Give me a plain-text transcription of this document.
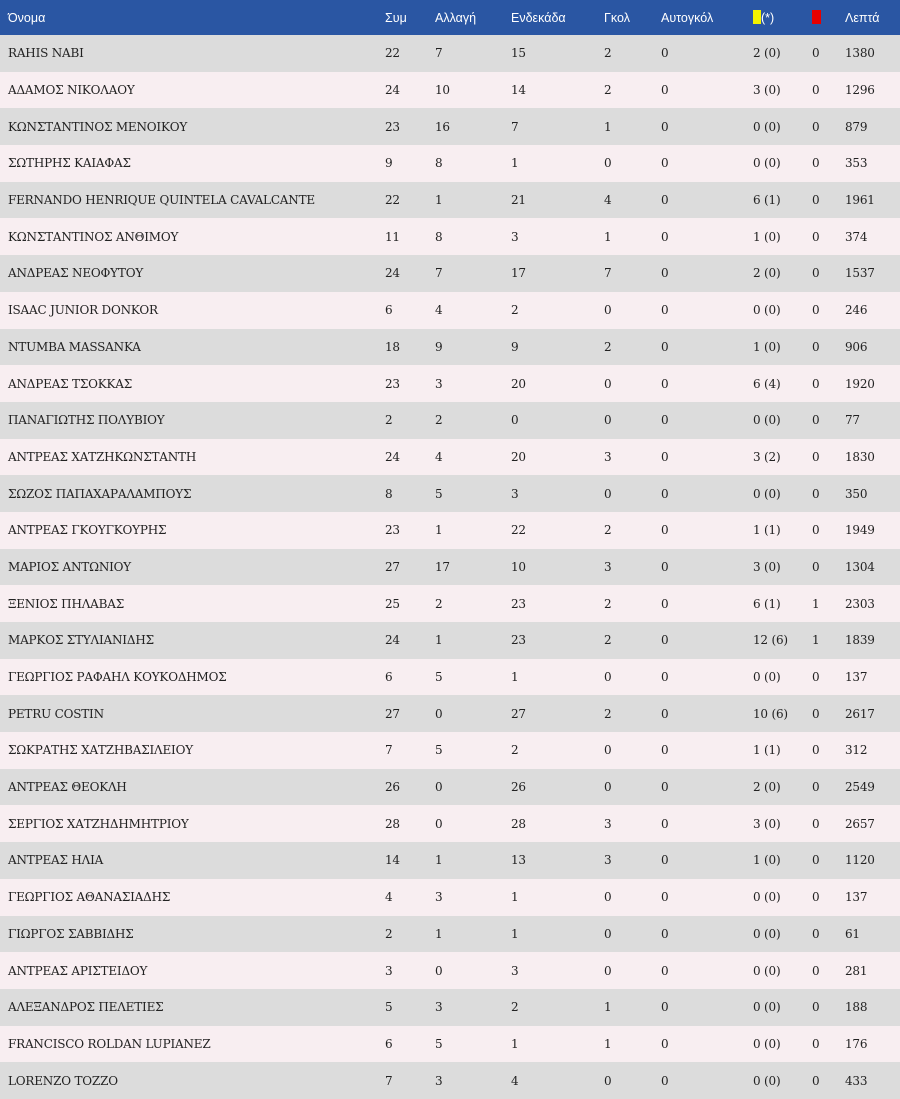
Όνομα	Συμ	Αλλαγή	Ενδεκάδα	Γκολ	Αυτογκόλ	(*)		Λεπτά
RAHIS NABI	22	7	15	2	0	2 (0)	0	1380
ΑΔΑΜΟΣ ΝΙΚΟΛΑΟΥ	24	10	14	2	0	3 (0)	0	1296
ΚΩΝΣΤΑΝΤΙΝΟΣ ΜΕΝΟΙΚΟΥ	23	16	7	1	0	0 (0)	0	879
ΣΩΤΗΡΗΣ ΚΑΙΑΦΑΣ	9	8	1	0	0	0 (0)	0	353
FERNANDO HENRIQUE QUINTELA CAVALCANTE	22	1	21	4	0	6 (1)	0	1961
ΚΩΝΣΤΑΝΤΙΝΟΣ ΑΝΘΙΜΟΥ	11	8	3	1	0	1 (0)	0	374
ΑΝΔΡΕΑΣ ΝΕΟΦΥΤΟΥ	24	7	17	7	0	2 (0)	0	1537
ISAAC JUNIOR DONKOR	6	4	2	0	0	0 (0)	0	246
NTUMBA MASSANKA	18	9	9	2	0	1 (0)	0	906
ΑΝΔΡΕΑΣ ΤΣΟΚΚΑΣ	23	3	20	0	0	6 (4)	0	1920
ΠΑΝΑΓΙΩΤΗΣ ΠΟΛΥΒΙΟΥ	2	2	0	0	0	0 (0)	0	77
ΑΝΤΡΕΑΣ ΧΑΤΖΗΚΩΝΣΤΑΝΤΗ	24	4	20	3	0	3 (2)	0	1830
ΣΩΖΟΣ ΠΑΠΑΧΑΡΑΛΑΜΠΟΥΣ	8	5	3	0	0	0 (0)	0	350
ΑΝΤΡΕΑΣ ΓΚΟΥΓΚΟΥΡΗΣ	23	1	22	2	0	1 (1)	0	1949
ΜΑΡΙΟΣ ΑΝΤΩΝΙΟΥ	27	17	10	3	0	3 (0)	0	1304
ΞΕΝΙΟΣ ΠΗΛΑΒΑΣ	25	2	23	2	0	6 (1)	1	2303
ΜΑΡΚΟΣ ΣΤΥΛΙΑΝΙΔΗΣ	24	1	23	2	0	12 (6)	1	1839
ΓΕΩΡΓΙΟΣ ΡΑΦΑΗΛ ΚΟΥΚΟΔΗΜΟΣ	6	5	1	0	0	0 (0)	0	137
PETRU COSTIN	27	0	27	2	0	10 (6)	0	2617
ΣΩΚΡΑΤΗΣ ΧΑΤΖΗΒΑΣΙΛΕΙΟΥ	7	5	2	0	0	1 (1)	0	312
ΑΝΤΡΕΑΣ ΘΕΟΚΛΗ	26	0	26	0	0	2 (0)	0	2549
ΣΕΡΓΙΟΣ ΧΑΤΖΗΔΗΜΗΤΡΙΟΥ	28	0	28	3	0	3 (0)	0	2657
ΑΝΤΡΕΑΣ ΗΛΙΑ	14	1	13	3	0	1 (0)	0	1120
ΓΕΩΡΓΙΟΣ ΑΘΑΝΑΣΙΑΔΗΣ	4	3	1	0	0	0 (0)	0	137
ΓΙΩΡΓΟΣ ΣΑΒΒΙΔΗΣ	2	1	1	0	0	0 (0)	0	61
ΑΝΤΡΕΑΣ ΑΡΙΣΤΕΙΔΟΥ	3	0	3	0	0	0 (0)	0	281
ΑΛΕΞΑΝΔΡΟΣ ΠΕΛΕΤΙΕΣ	5	3	2	1	0	0 (0)	0	188
FRANCISCO ROLDAN LUPIANEZ	6	5	1	1	0	0 (0)	0	176
LORENZO TOZZO	7	3	4	0	0	0 (0)	0	433
